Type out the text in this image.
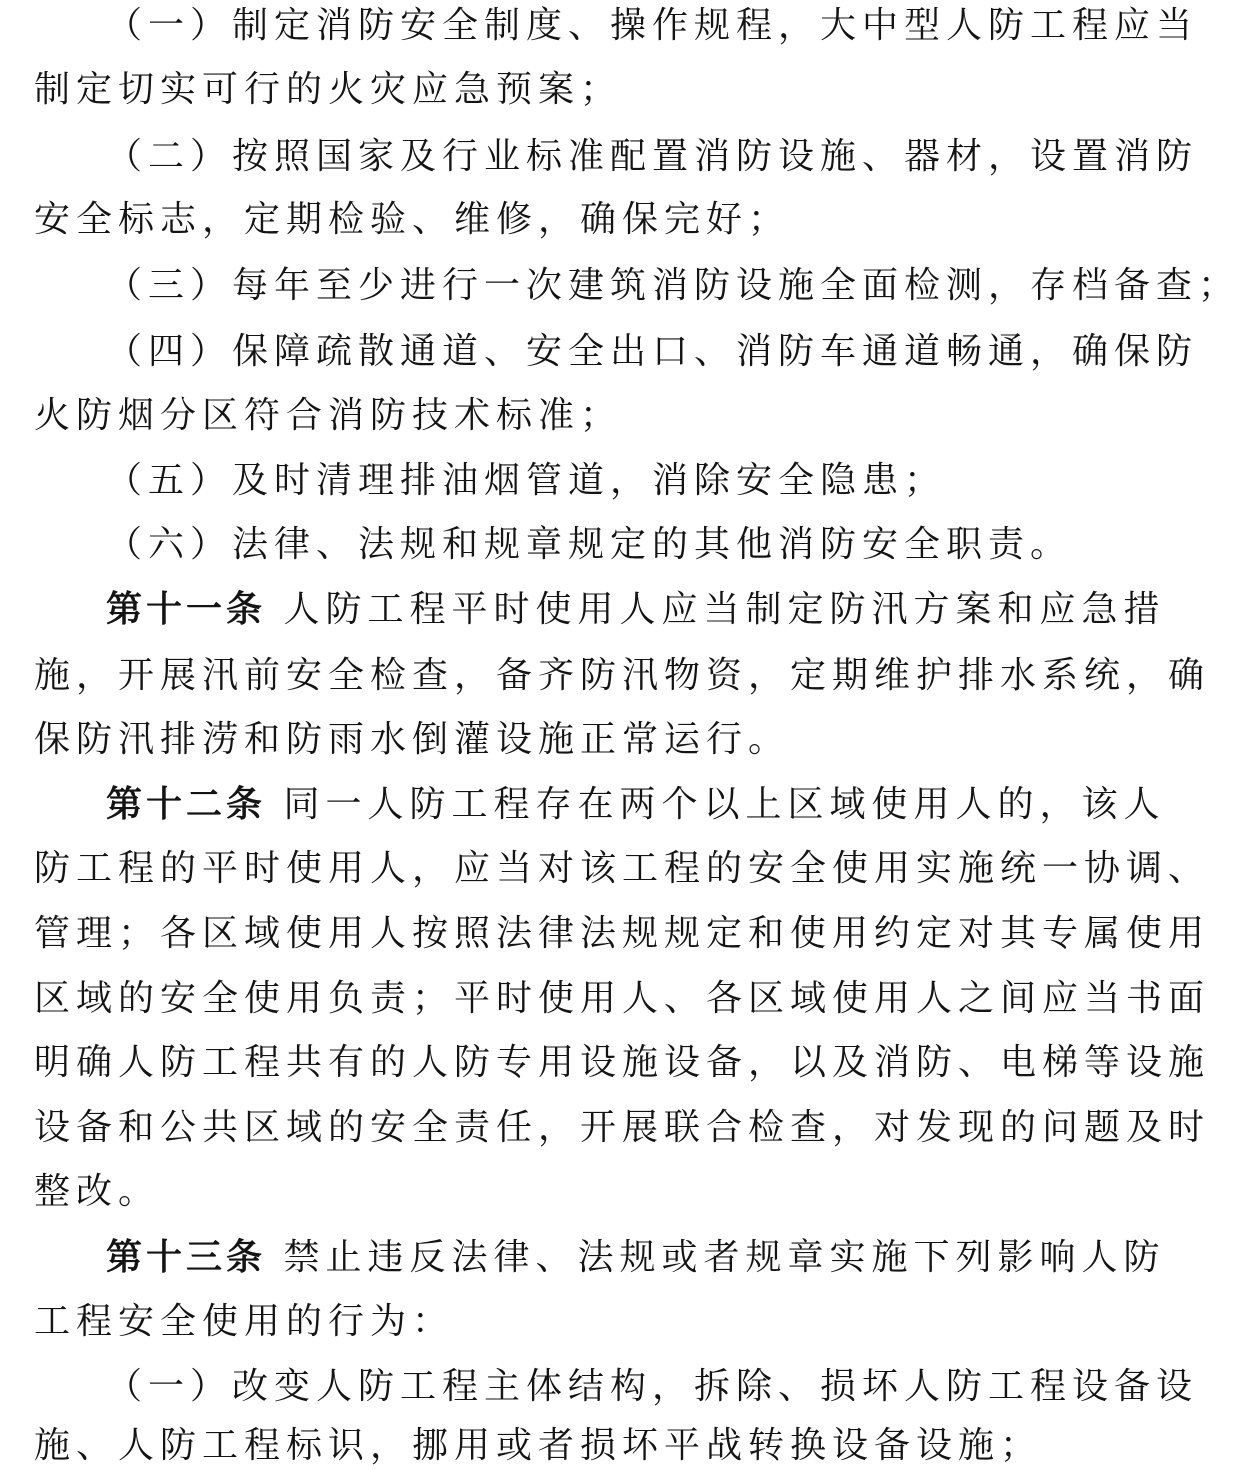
（一）制定消防安全制度、操作规程，大中型人防工程应当
制定切实可行的火灾应急预案；
（二）按照国家及行业标准配置消防设施、器材，设置消防
安全标志，定期检验、维修，确保完好；
（三）每年至少进行一次建筑消防设施全面检测，存档备查；
（四）保障疏散通道、安全出口、消防车通道畅通，确保防
火防烟分区符合消防技术标准；
（五）及时清理排油烟管道，消除安全隐患；
（六）法律、法规和规章规定的其他消防安全职责。
第十一条 人防工程平时使用人应当制定防汛方案和应急措
施，开展汛前安全检查，备齐防汛物资，定期维护排水系统，确
保防汛排涝和防雨水倒灌设施正常运行。
第十二条 同一人防工程存在两个以上区域使用人的，该人
防工程的平时使用人，应当对该工程的安全使用实施统一协调、
管理；各区域使用人按照法律法规规定和使用约定对其专属使用
区域的安全使用负责；平时使用人、各区域使用人之间应当书面
明确人防工程共有的人防专用设施设备，以及消防、电梯等设施
设备和公共区域的安全责任，开展联合检查，对发现的问题及时
整改。
第十三条 禁止违反法律、法规或者规章实施下列影响人防
工程安全使用的行为：
（一）改变人防工程主体结构，拆除、损坏人防工程设备设
施、人防工程标识，挪用或者损坏平战转换设备设施；
